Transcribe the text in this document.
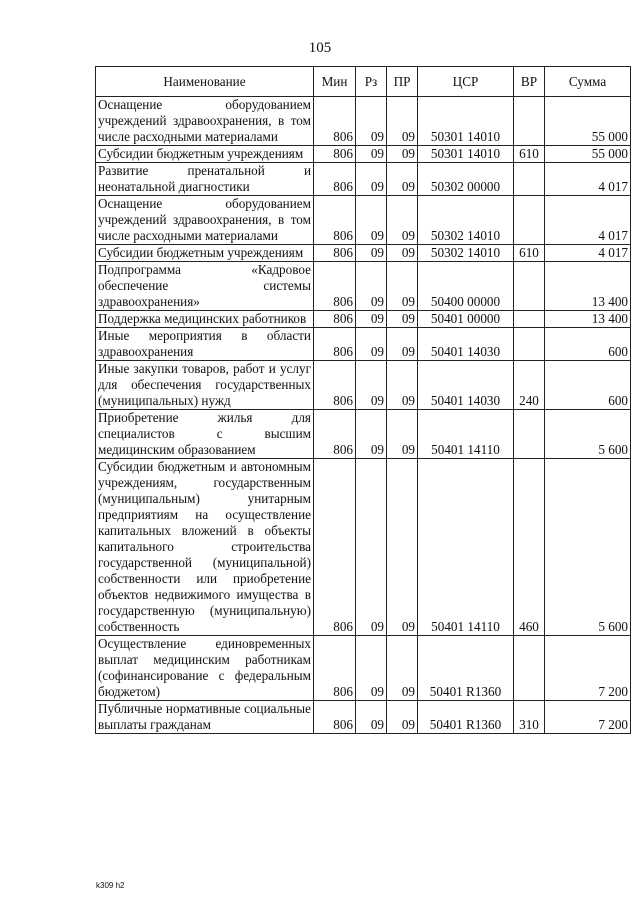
105
Наименование	Мин	Рз	ПР	ЦСР	ВР	Сумма
Оснащение оборудованием учреждений здравоохранения, в том числе расходными материалами	806	09	09	50301 14010		55 000
Субсидии бюджетным учреждениям	806	09	09	50301 14010	610	55 000
Развитие пренатальной и неонатальной диагностики	806	09	09	50302 00000		4 017
Оснащение оборудованием учреждений здравоохранения, в том числе расходными материалами	806	09	09	50302 14010		4 017
Субсидии бюджетным учреждениям	806	09	09	50302 14010	610	4 017
Подпрограмма «Кадровое обеспечение системы здравоохранения»	806	09	09	50400 00000		13 400
Поддержка медицинских работников	806	09	09	50401 00000		13 400
Иные мероприятия в области здравоохранения	806	09	09	50401 14030		600
Иные закупки товаров, работ и услуг для обеспечения государственных (муниципальных) нужд	806	09	09	50401 14030	240	600
Приобретение жилья для специалистов с высшим медицинским образованием	806	09	09	50401 14110		5 600
Субсидии бюджетным и автономным учреждениям, государственным (муниципальным) унитарным предприятиям на осуществление капитальных вложений в объекты капитального строительства государственной (муниципальной) собственности или приобретение объектов недвижимого имущества в государственную (муниципальную) собственность	806	09	09	50401 14110	460	5 600
Осуществление единовременных выплат медицинским работникам (софинансирование с федеральным бюджетом)	806	09	09	50401 R1360		7 200
Публичные нормативные социальные выплаты гражданам	806	09	09	50401 R1360	310	7 200
k309 h2
